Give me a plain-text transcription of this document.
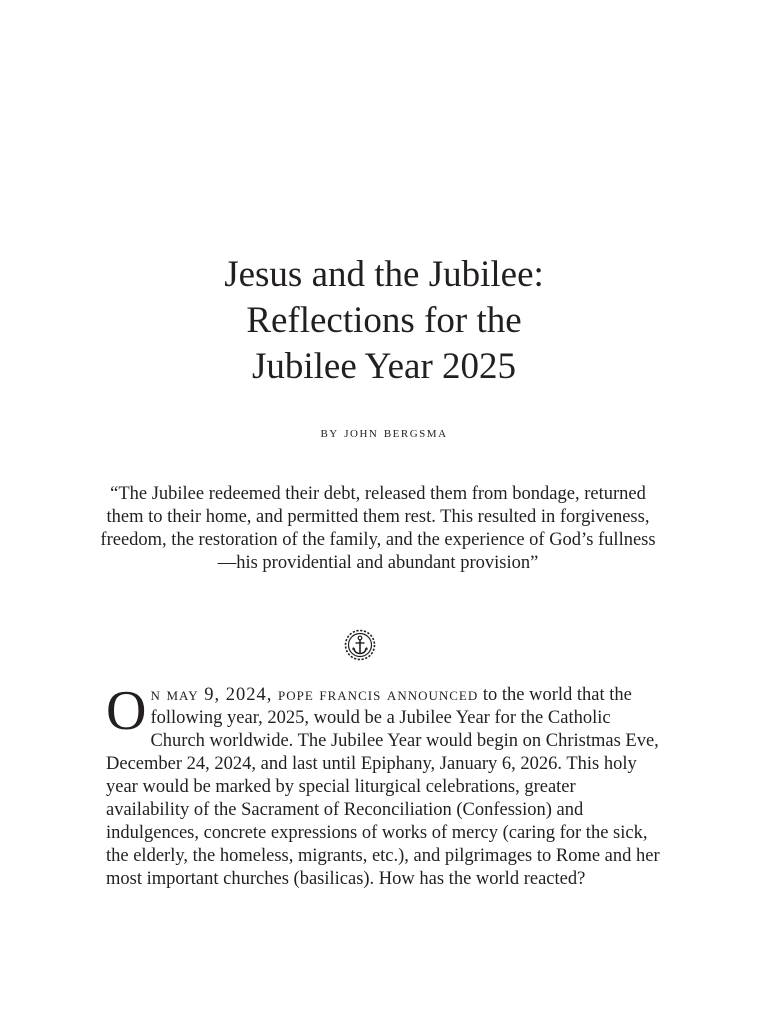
Jesus and the Jubilee:
Reflections for the
Jubilee Year 2025
by john bergsma
“The Jubilee redeemed their debt, released them from bondage, returned them to their home, and permitted them rest. This resulted in forgiveness, freedom, the restoration of the family, and the experience of God’s fullness—his providential and abundant provision”
On may 9, 2024, pope francis announced to the world that the following year, 2025, would be a Jubilee Year for the Catholic Church worldwide. The Jubilee Year would begin on Christmas Eve, December 24, 2024, and last until Epiphany, January 6, 2026. This holy year would be marked by special liturgical celebrations, greater availability of the Sacrament of Reconciliation (Confession) and indulgences, concrete expressions of works of mercy (caring for the sick, the elderly, the homeless, migrants, etc.), and pilgrimages to Rome and her most important churches (basilicas). How has the world reacted?
